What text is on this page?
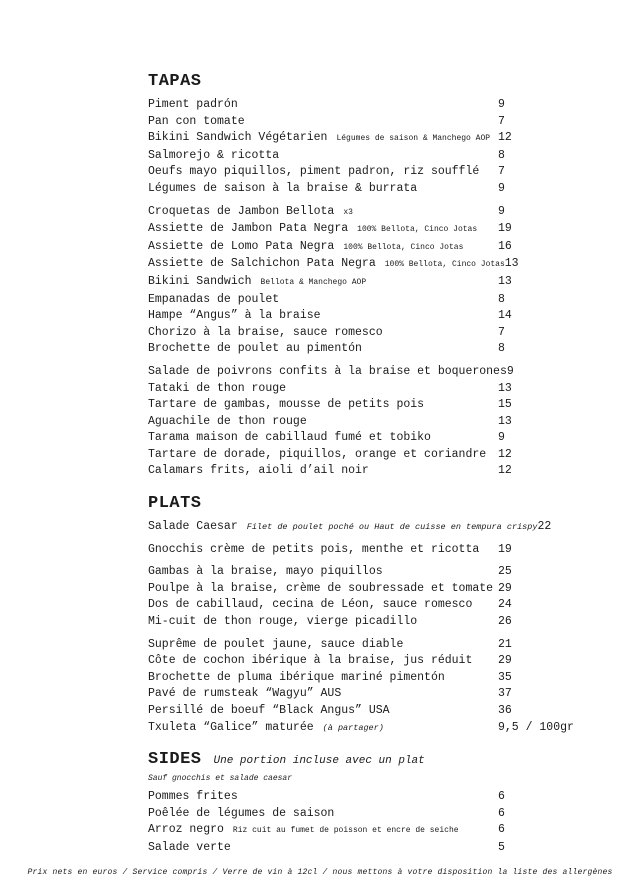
TAPAS
Piment padrón	9
Pan con tomate	7
Bikini Sandwich Végétarien Légumes de saison & Manchego AOP 12
Salmorejo & ricotta	8
Oeufs mayo piquillos, piment padron, riz soufflé	7
Légumes de saison à la braise & burrata	9
Croquetas de Jambon Bellota x3	9
Assiette de Jambon Pata Negra 100% Bellota, Cinco Jotas	19
Assiette de Lomo Pata Negra 100% Bellota, Cinco Jotas	16
Assiette de Salchichon Pata Negra 100% Bellota, Cinco Jotas 13
Bikini Sandwich Bellota & Manchego AOP	13
Empanadas de poulet	8
Hampe “Angus” à la braise	14
Chorizo à la braise, sauce romesco	7
Brochette de poulet au pimentón	8
Salade de poivrons confits à la braise et boquerones 9
Tataki de thon rouge	13
Tartare de gambas, mousse de petits pois	15
Aguachile de thon rouge	13
Tarama maison de cabillaud fumé et tobiko	9
Tartare de dorade, piquillos, orange et coriandre	12
Calamars frits, aioli d’ail noir	12
PLATS
Salade Caesar Filet de poulet poché ou Haut de cuisse en tempura crispy 22
Gnocchis crème de petits pois, menthe et ricotta	19
Gambas à la braise, mayo piquillos	25
Poulpe à la braise, crème de soubressade et tomate 29
Dos de cabillaud, cecina de Léon, sauce romesco	24
Mi-cuit de thon rouge, vierge picadillo	26
Suprême de poulet jaune, sauce diable	21
Côte de cochon ibérique à la braise, jus réduit	29
Brochette de pluma ibérique mariné pimentón	35
Pavé de rumsteak “Wagyu” AUS	37
Persillé de boeuf “Black Angus” USA	36
Txuleta “Galice” maturée (à partager)	9,5 / 100gr
SIDES Une portion incluse avec un plat

Sauf gnocchis et salade caesar

Pommes frites	6
Poêlée de légumes de saison	6
Arroz negro Riz cuit au fumet de poisson et encre de seiche	6
Salade verte	5
Prix nets en euros / Service compris / Verre de vin à 12cl / nous mettons à votre disposition la liste des allergènes
